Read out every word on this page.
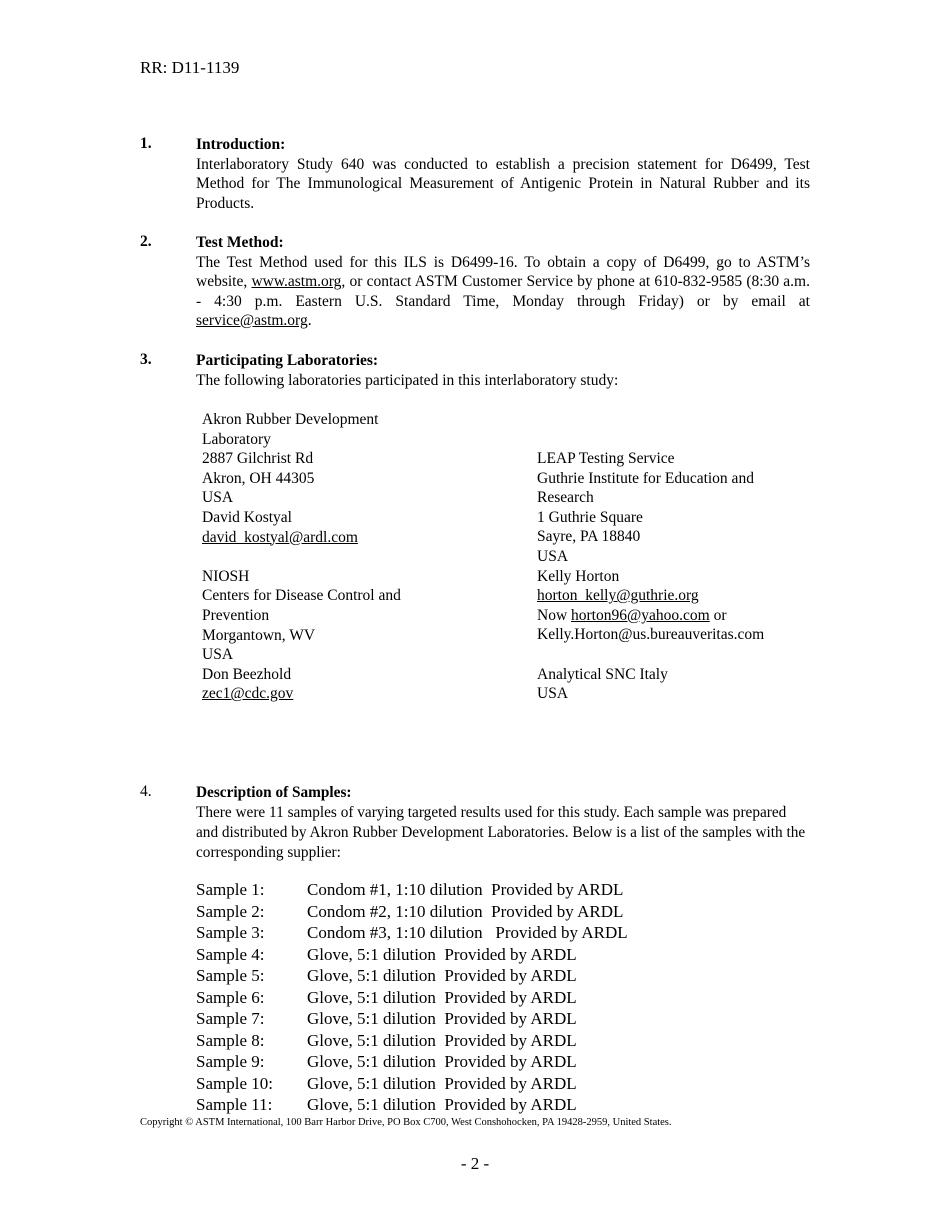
RR: D11-1139
1.	Introduction:
Interlaboratory Study 640 was conducted to establish a precision statement for D6499, Test Method for The Immunological Measurement of Antigenic Protein in Natural Rubber and its Products.
2.	Test Method:
The Test Method used for this ILS is D6499-16. To obtain a copy of D6499, go to ASTM’s website, www.astm.org, or contact ASTM Customer Service by phone at 610-832-9585 (8:30 a.m. - 4:30 p.m. Eastern U.S. Standard Time, Monday through Friday) or by email at service@astm.org.
3.	Participating Laboratories:
The following laboratories participated in this interlaboratory study:
Akron Rubber Development
Laboratory
2887 Gilchrist Rd
Akron, OH 44305
USA
David Kostyal
david_kostyal@ardl.com
NIOSH
Centers for Disease Control and
Prevention
Morgantown, WV
USA
Don Beezhold
zec1@cdc.gov
LEAP Testing Service
Guthrie Institute for Education and
Research
1 Guthrie Square
Sayre, PA 18840
USA
Kelly Horton
horton_kelly@guthrie.org
Now horton96@yahoo.com or
Kelly.Horton@us.bureauveritas.com
Analytical SNC Italy
USA
4.	Description of Samples:
There were 11 samples of varying targeted results used for this study. Each sample was prepared and distributed by Akron Rubber Development Laboratories. Below is a list of the samples with the corresponding supplier:
Sample 1:	Condom #1, 1:10 dilution  Provided by ARDL
Sample 2:	Condom #2, 1:10 dilution  Provided by ARDL
Sample 3:	Condom #3, 1:10 dilution   Provided by ARDL
Sample 4:	Glove, 5:1 dilution  Provided by ARDL
Sample 5:	Glove, 5:1 dilution  Provided by ARDL
Sample 6:	Glove, 5:1 dilution  Provided by ARDL
Sample 7:	Glove, 5:1 dilution  Provided by ARDL
Sample 8:	Glove, 5:1 dilution  Provided by ARDL
Sample 9:	Glove, 5:1 dilution  Provided by ARDL
Sample 10:	Glove, 5:1 dilution  Provided by ARDL
Sample 11:	Glove, 5:1 dilution  Provided by ARDL
Copyright © ASTM International, 100 Barr Harbor Drive, PO Box C700, West Conshohocken, PA 19428-2959, United States.
- 2 -
